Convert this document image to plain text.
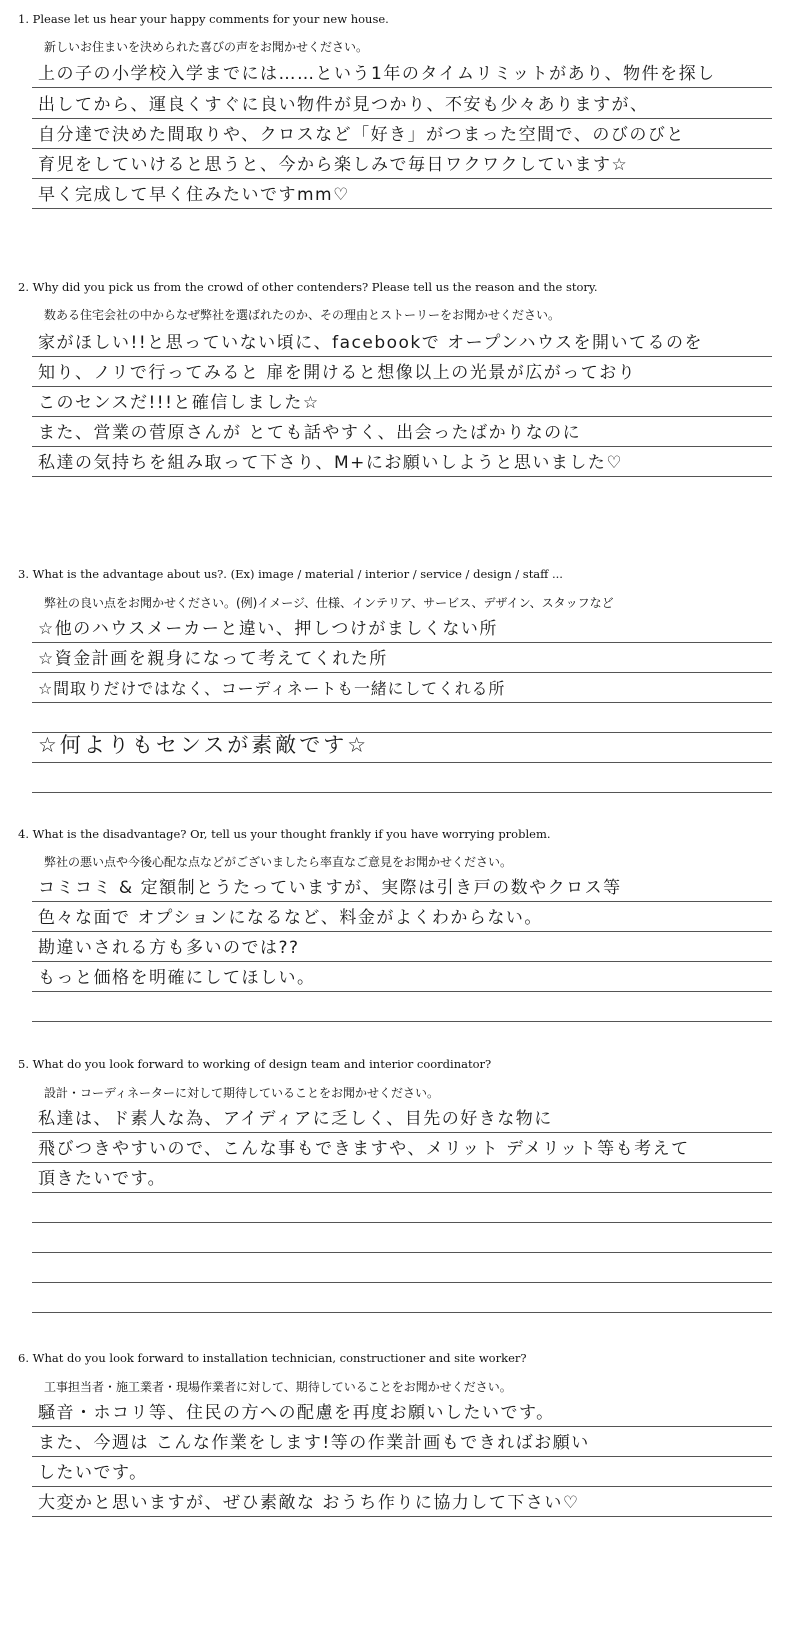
1. Please let us hear your happy comments for your new house.
新しいお住まいを決められた喜びの声をお聞かせください。
上の子の小学校入学までには……という1年のタイムリミットがあり、物件を探し
出してから、運良くすぐに良い物件が見つかり、不安も少々ありますが、
自分達で決めた間取りや、クロスなど「好き」がつまった空間で、のびのびと
育児をしていけると思うと、今から楽しみで毎日ワクワクしています☆
早く完成して早く住みたいですmm♡
2. Why did you pick us from the crowd of other contenders? Please tell us the reason and the story.
数ある住宅会社の中からなぜ弊社を選ばれたのか、その理由とストーリーをお聞かせください。
家がほしい!!と思っていない頃に、facebookで オープンハウスを開いてるのを
知り、ノリで行ってみると 扉を開けると想像以上の光景が広がっており
このセンスだ!!!と確信しました☆
また、営業の菅原さんが とても話やすく、出会ったばかりなのに
私達の気持ちを組み取って下さり、M+にお願いしようと思いました♡
3. What is the advantage about us?. (Ex) image / material / interior / service / design / staff ...
弊社の良い点をお聞かせください。(例)イメージ、仕様、インテリア、サービス、デザイン、スタッフなど
☆他のハウスメーカーと違い、押しつけがましくない所
☆資金計画を親身になって考えてくれた所
☆間取りだけではなく、コーディネートも一緒にしてくれる所
☆何よりもセンスが素敵です☆
4. What is the disadvantage? Or, tell us your thought frankly if you have worrying problem.
弊社の悪い点や今後心配な点などがございましたら率直なご意見をお聞かせください。
コミコミ & 定額制とうたっていますが、実際は引き戸の数やクロス等
色々な面で オプションになるなど、料金がよくわからない。
勘違いされる方も多いのでは??
もっと価格を明確にしてほしい。
5. What do you look forward to working of design team and interior coordinator?
設計・コーディネーターに対して期待していることをお聞かせください。
私達は、ド素人な為、アイディアに乏しく、目先の好きな物に
飛びつきやすいので、こんな事もできますや、メリット デメリット等も考えて
頂きたいです。
6. What do you look forward to installation technician, constructioner and site worker?
工事担当者・施工業者・現場作業者に対して、期待していることをお聞かせください。
騒音・ホコリ等、住民の方への配慮を再度お願いしたいです。
また、今週は こんな作業をします!等の作業計画もできればお願い
したいです。
大変かと思いますが、ぜひ素敵な おうち作りに協力して下さい♡
